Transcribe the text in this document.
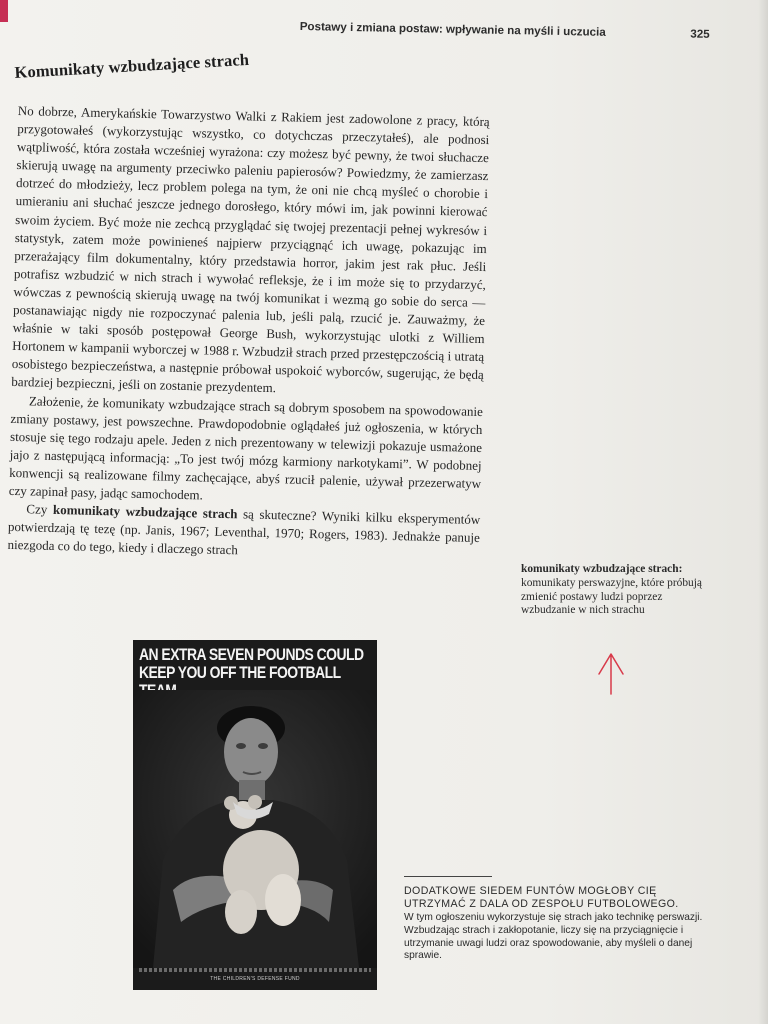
Postawy i zmiana postaw: wpływanie na myśli i uczucia	325
Komunikaty wzbudzające strach

No dobrze, Amerykańskie Towarzystwo Walki z Rakiem jest zadowolone z pracy, którą przygotowałeś (wykorzystując wszystko, co dotychczas przeczytałeś), ale podnosi wątpliwość, która została wcześniej wyrażona: czy możesz być pewny, że twoi słuchacze skierują uwagę na argumenty przeciwko paleniu papierosów? Powiedzmy, że zamierzasz dotrzeć do młodzieży, lecz problem polega na tym, że oni nie chcą myśleć o chorobie i umieraniu ani słuchać jeszcze jednego dorosłego, który mówi im, jak powinni kierować swoim życiem. Być może nie zechcą przyglądać się twojej prezentacji pełnej wykresów i statystyk, zatem może powinieneś najpierw przyciągnąć ich uwagę, pokazując im przerażający film dokumentalny, który przedstawia horror, jakim jest rak płuc. Jeśli potrafisz wzbudzić w nich strach i wywołać refleksje, że i im może się to przydarzyć, wówczas z pewnością skierują uwagę na twój komunikat i wezmą go sobie do serca — postanawiając nigdy nie rozpoczynać palenia lub, jeśli palą, rzucić je. Zauważmy, że właśnie w taki sposób postępował George Bush, wykorzystując ulotki z Williem Hortonem w kampanii wyborczej w 1988 r. Wzbudził strach przed przestępczością i utratą osobistego bezpieczeństwa, a następnie próbował uspokoić wyborców, sugerując, że będą bardziej bezpieczni, jeśli on zostanie prezydentem.

Założenie, że komunikaty wzbudzające strach są dobrym sposobem na spowodowanie zmiany postawy, jest powszechne. Prawdopodobnie oglądałeś już ogłoszenia, w których stosuje się tego rodzaju apele. Jeden z nich prezentowany w telewizji pokazuje usmażone jajo z następującą informacją: „To jest twój mózg karmiony narkotykami”. W podobnej konwencji są realizowane filmy zachęcające, abyś rzucił palenie, używał przezerwatyw czy zapinał pasy, jadąc samochodem.

Czy komunikaty wzbudzające strach są skuteczne? Wyniki kilku eksperymentów potwierdzają tę tezę (np. Janis, 1967; Leventhal, 1970; Rogers, 1983). Jednakże panuje niezgoda co do tego, kiedy i dlaczego strach

komunikaty wzbudzające strach: komunikaty perswazyjne, które próbują zmienić postawy ludzi poprzez wzbudzanie w nich strachu
AN EXTRA SEVEN POUNDS COULD KEEP YOU OFF THE FOOTBALL
THE CHILDREN'S DEFENSE FUND
DODATKOWE SIEDEM FUNTÓW MOGŁOBY CIĘ UTRZYMAĆ Z DALA OD ZESPOŁU FUTBOLOWEGO.
W tym ogłoszeniu wykorzystuje się strach jako technikę perswazji. Wzbudzając strach i zakłopotanie, liczy się na przyciągnięcie i utrzymanie uwagi ludzi oraz spowodowanie, aby myśleli o danej sprawie.
